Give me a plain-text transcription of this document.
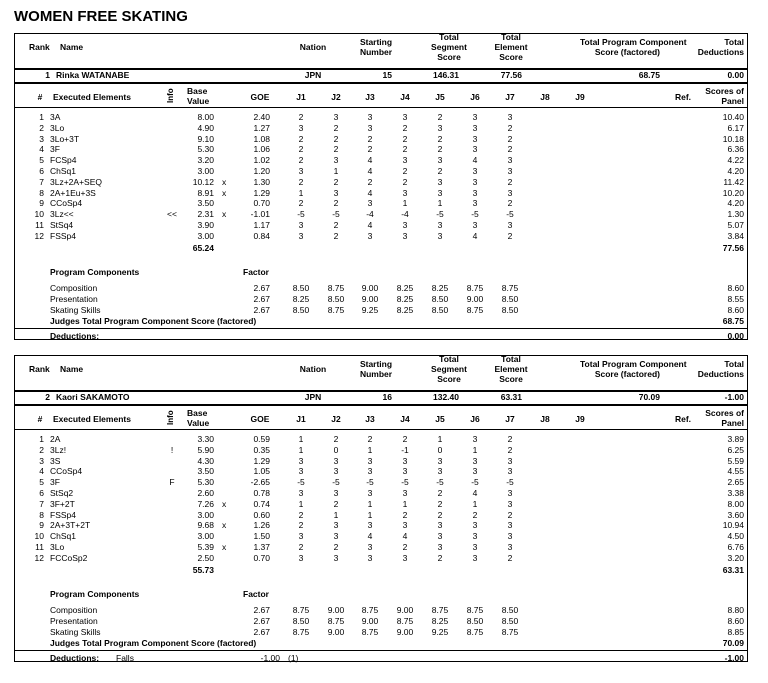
WOMEN FREE SKATING
Rank Name	Nation	Starting
Number
Total
Segment
Score
Total
Element
Score
Total Program Component
Score (factored)
Total
Deductions
1 Rinka WATANABE	JPN	15	146.31	77.56	68.75	0.00
#	Executed Elements	Info Base
Value	GOE	J1	J2	J3	J4	J5	J6	J7	J8	J9	Ref.
Scores of
Panel
1 3A	8.00	2.40	2	3	3	3	2	3	3	10.40
2 3Lo	4.90	1.27	3	2	3	2	3	3	2	6.17
3 3Lo+3T	9.10	1.08	2	2	2	2	2	3	2	10.18
4 3F	5.30	1.06	2	2	2	2	2	3	2	6.36
5 FCSp4	3.20	1.02	2	3	4	3	3	4	3	4.22
6 ChSq1	3.00	1.20	3	1	4	2	2	3	3	4.20
7 3Lz+2A+SEQ	10.12 x	1.30	2	2	2	2	3	3	2	11.42
8 2A+1Eu+3S	8.91 x	1.29	1	3	4	3	3	3	3	10.20
9 CCoSp4	3.50	0.70	2	2	3	1	1	3	2	4.20
10 3Lz<<	<<	2.31 x	-1.01	-5	-5	-4	-4	-5	-5	-5	1.30
11 StSq4	3.90	1.17	3	2	4	3	3	3	3	5.07
12 FSSp4	3.00	0.84	3	2	3	3	3	4	2	3.84
65.24	77.56
Program Components	Factor
Composition	2.67	8.50	8.75	9.00	8.25	8.25	8.75	8.75	8.60
Presentation	2.67	8.25	8.50	9.00	8.25	8.50	9.00	8.50	8.55
Skating Skills	2.67	8.50	8.75	9.25	8.25	8.50	8.75	8.50	8.60
Judges Total Program Component Score (factored)	68.75
Deductions:	0.00
Rank Name	Nation	Starting
Number
Total
Segment
Score
Total
Element
Score
Total Program Component
Score (factored)
Total
Deductions
2 Kaori SAKAMOTO	JPN	16	132.40	63.31	70.09	-1.00
#	Executed Elements	Info Base
Value	GOE	J1	J2	J3	J4	J5	J6	J7	J8	J9	Ref.
Scores of
Panel
1 2A	3.30	0.59	1	2	2	2	1	3	2	3.89
2 3Lz!	!	5.90	0.35	1	0	1	-1	0	1	2	6.25
3 3S	4.30	1.29	3	3	3	3	3	3	3	5.59
4 CCoSp4	3.50	1.05	3	3	3	3	3	3	3	4.55
5 3F	F	5.30	-2.65	-5	-5	-5	-5	-5	-5	-5	2.65
6 StSq2	2.60	0.78	3	3	3	3	2	4	3	3.38
7 3F+2T	7.26 x	0.74	1	2	1	1	2	1	3	8.00
8 FSSp4	3.00	0.60	2	1	1	2	2	2	2	3.60
9 2A+3T+2T	9.68 x	1.26	2	3	3	3	3	3	3	10.94
10 ChSq1	3.00	1.50	3	3	4	4	3	3	3	4.50
11 3Lo	5.39 x	1.37	2	2	3	2	3	3	3	6.76
12 FCCoSp2	2.50	0.70	3	3	3	3	2	3	2	3.20
55.73	63.31
Program Components	Factor
Composition	2.67	8.75	9.00	8.75	9.00	8.75	8.75	8.50	8.80
Presentation	2.67	8.50	8.75	9.00	8.75	8.25	8.50	8.50	8.60
Skating Skills	2.67	8.75	9.00	8.75	9.00	9.25	8.75	8.75	8.85
Judges Total Program Component Score (factored)	70.09
Deductions: Falls	-1.00 (1)	-1.00
